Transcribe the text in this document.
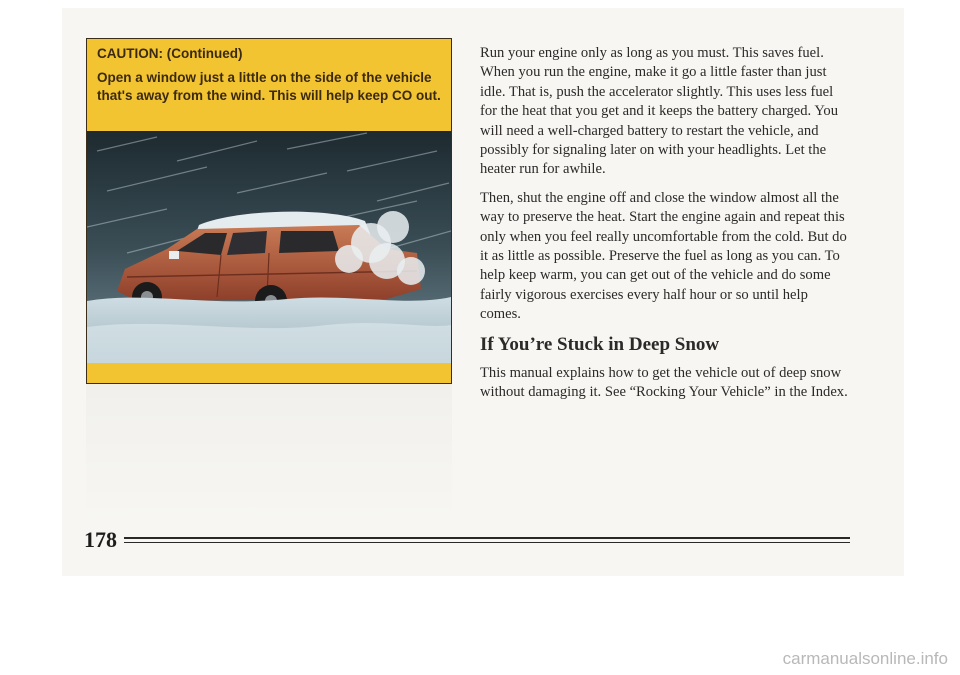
CAUTION: (Continued)

Open a window just a little on the side of the vehicle that's away from the wind. This will help keep CO out.

Run your engine only as long as you must. This saves fuel. When you run the engine, make it go a little faster than just idle. That is, push the accelerator slightly. This uses less fuel for the heat that you get and it keeps the battery charged. You will need a well-charged battery to restart the vehicle, and possibly for signaling later on with your headlights. Let the heater run for awhile.

Then, shut the engine off and close the window almost all the way to preserve the heat. Start the engine again and repeat this only when you feel really uncomfortable from the cold. But do it as little as possible. Preserve the fuel as long as you can. To help keep warm, you can get out of the vehicle and do some fairly vigorous exercises every half hour or so until help comes.

If You’re Stuck in Deep Snow

This manual explains how to get the vehicle out of deep snow without damaging it. See “Rocking Your Vehicle” in the Index.

178
carmanualsonline.info
